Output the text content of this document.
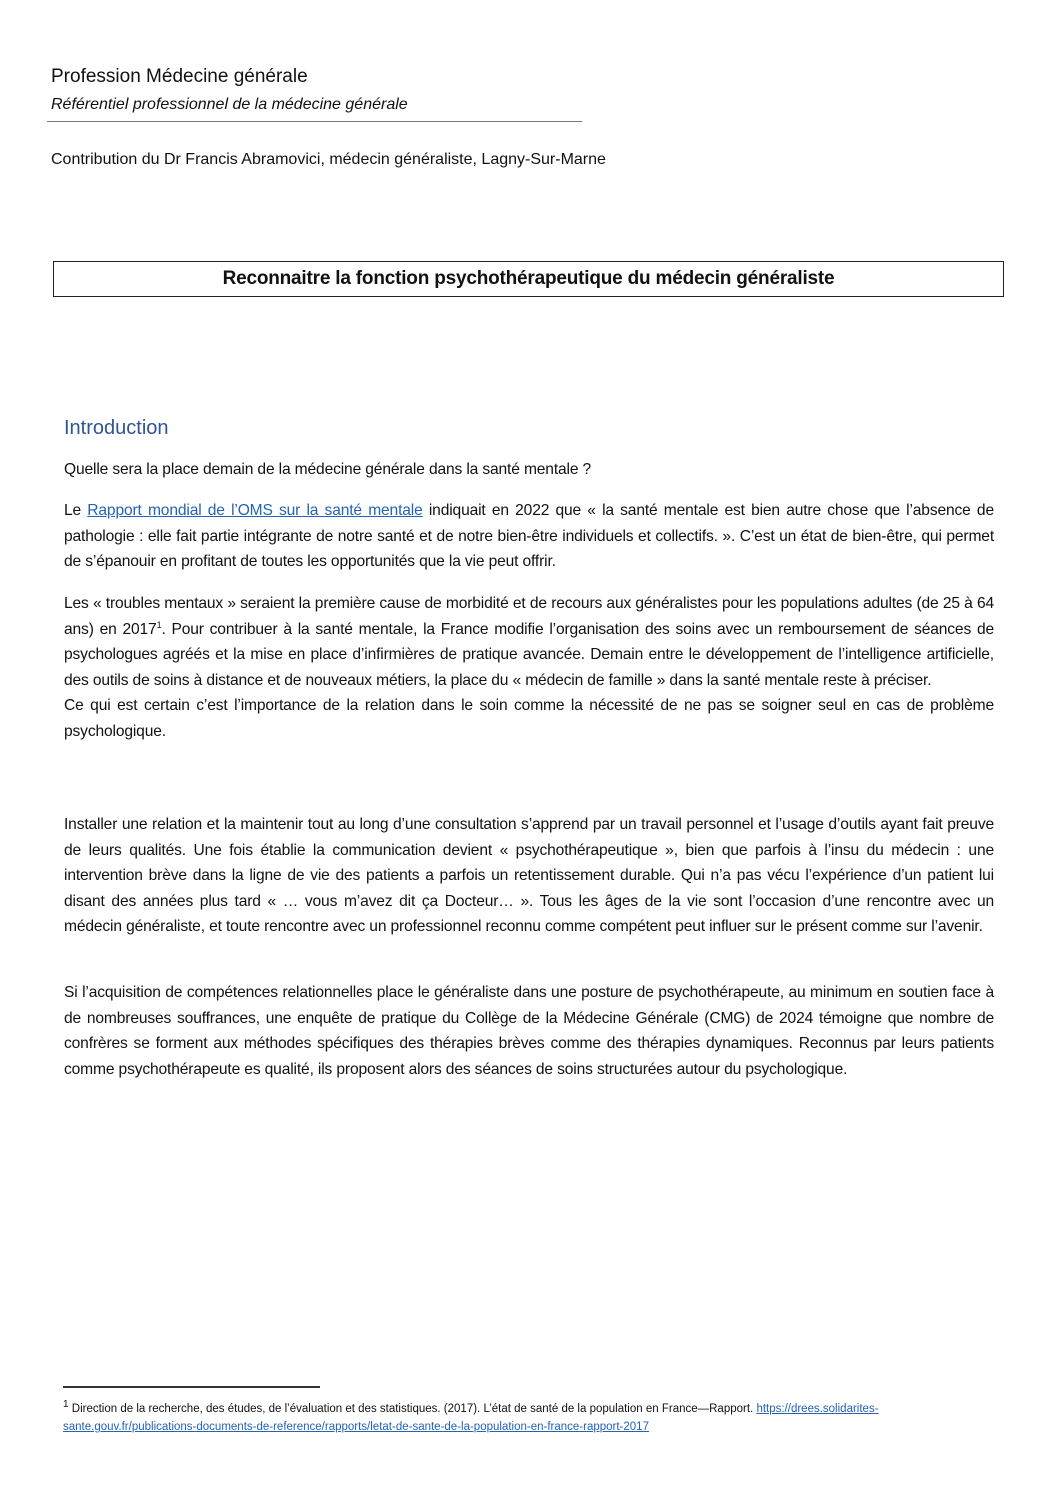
Profession Médecine générale
Référentiel professionnel de la médecine générale
Contribution du Dr Francis Abramovici, médecin généraliste, Lagny-Sur-Marne
Reconnaitre la fonction psychothérapeutique du médecin généraliste
Introduction
Quelle sera la place demain de la médecine générale dans la santé mentale ?
Le Rapport mondial de l’OMS sur la santé mentale indiquait en 2022 que « la santé mentale est bien autre chose que l’absence de pathologie : elle fait partie intégrante de notre santé et de notre bien-être individuels et collectifs. ». C’est un état de bien-être, qui permet de s’épanouir en profitant de toutes les opportunités que la vie peut offrir.
Les « troubles mentaux » seraient la première cause de morbidité et de recours aux généralistes pour les populations adultes (de 25 à 64 ans) en 2017$^1$. Pour contribuer à la santé mentale, la France modifie l’organisation des soins avec un remboursement de séances de psychologues agréés et la mise en place d’infirmières de pratique avancée. Demain entre le développement de l’intelligence artificielle, des outils de soins à distance et de nouveaux métiers, la place du « médecin de famille » dans la santé mentale reste à préciser.
Ce qui est certain c’est l’importance de la relation dans le soin comme la nécessité de ne pas se soigner seul en cas de problème psychologique.
Installer une relation et la maintenir tout au long d’une consultation s’apprend par un travail personnel et l’usage d’outils ayant fait preuve de leurs qualités. Une fois établie la communication devient « psychothérapeutique », bien que parfois à l’insu du médecin : une intervention brève dans la ligne de vie des patients a parfois un retentissement durable. Qui n’a pas vécu l’expérience d’un patient lui disant des années plus tard « … vous m’avez dit ça Docteur… ». Tous les âges de la vie sont l’occasion d’une rencontre avec un médecin généraliste, et toute rencontre avec un professionnel reconnu comme compétent peut influer sur le présent comme sur l’avenir.
Si l’acquisition de compétences relationnelles place le généraliste dans une posture de psychothérapeute, au minimum en soutien face à de nombreuses souffrances, une enquête de pratique du Collège de la Médecine Générale (CMG) de 2024 témoigne que nombre de confrères se forment aux méthodes spécifiques des thérapies brèves comme des thérapies dynamiques. Reconnus par leurs patients comme psychothérapeute es qualité, ils proposent alors des séances de soins structurées autour du psychologique.
$^1$ Direction de la recherche, des études, de l’évaluation et des statistiques. (2017). L’état de santé de la population en France—Rapport. https://drees.solidarites-sante.gouv.fr/publications-documents-de-reference/rapports/letat-de-sante-de-la-population-en-france-rapport-2017
